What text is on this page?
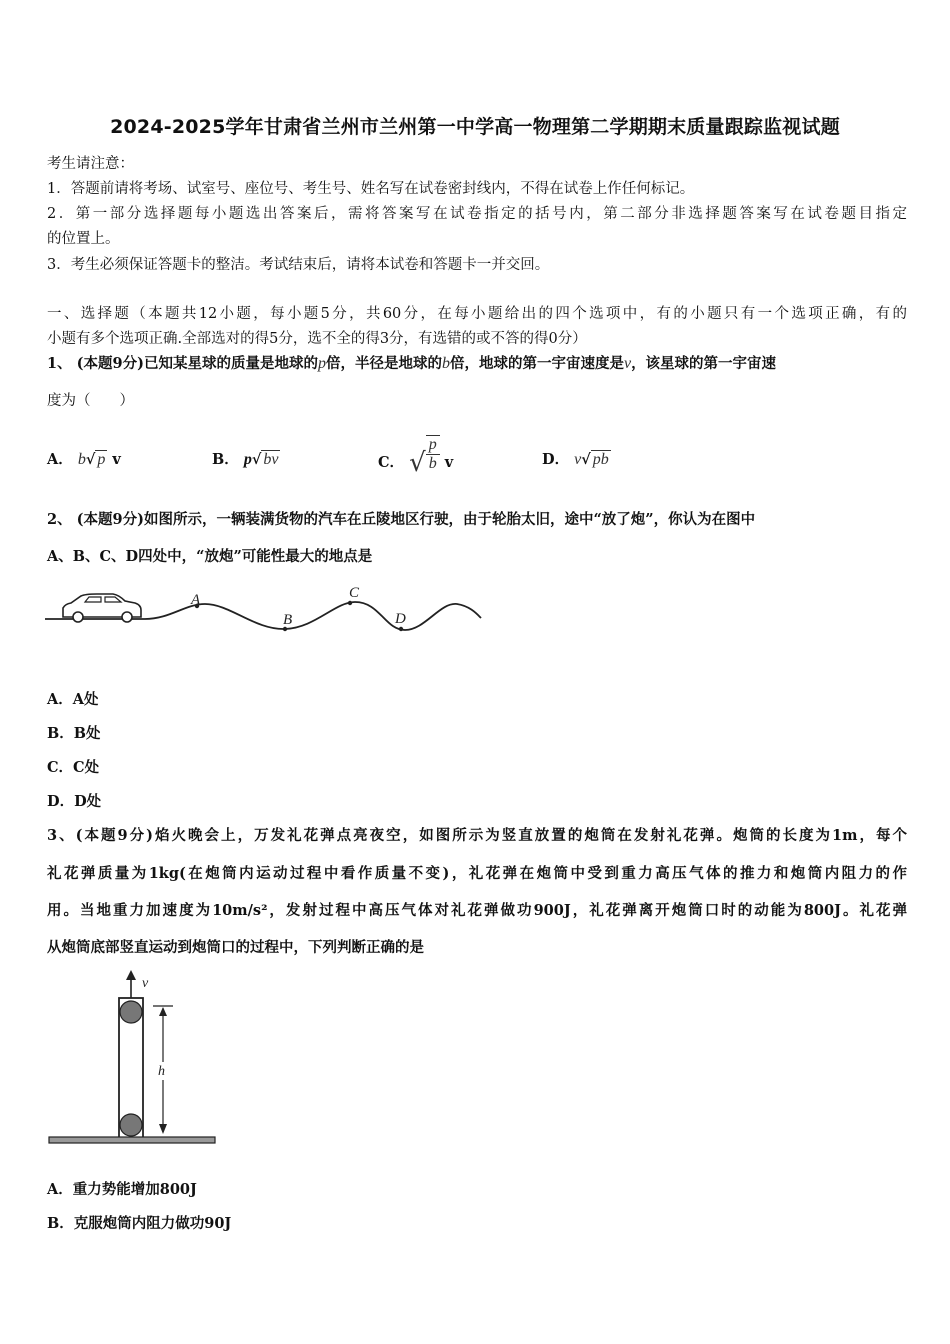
2024-2025学年甘肃省兰州市兰州第一中学高一物理第二学期期末质量跟踪监视试题
考生请注意：
1．答题前请将考场、试室号、座位号、考生号、姓名写在试卷密封线内，不得在试卷上作任何标记。
2．第一部分选择题每小题选出答案后，需将答案写在试卷指定的括号内，第二部分非选择题答案写在试卷题目指定
的位置上。
3．考生必须保证答题卡的整洁。考试结束后，请将本试卷和答题卡一并交回。
一、选择题（本题共12小题，每小题5分，共60分，在每小题给出的四个选项中，有的小题只有一个选项正确，有的
小题有多个选项正确.全部选对的得5分，选不全的得3分，有选错的或不答的得0分）
1、 (本题9分)已知某星球的质量是地球的p倍，半径是地球的b倍，地球的第一宇宙速度是v，该星球的第一宇宙速
度为（　　）
A． b√ p v	B． p√ bv	C． √ $\frac{p}{b}$ v	D． v√ pb
2、 (本题9分)如图所示，一辆装满货物的汽车在丘陵地区行驶，由于轮胎太旧，途中“放了炮”，你认为在图中
A、B、C、D四处中，“放炮”可能性最大的地点是
A
B
C
D
A．A处
B．B处
C．C处
D．D处
3、(本题9分)焰火晚会上，万发礼花弹点亮夜空，如图所示为竖直放置的炮筒在发射礼花弹。炮筒的长度为1m，每个
礼花弹质量为1kg(在炮筒内运动过程中看作质量不变)，礼花弹在炮筒中受到重力高压气体的推力和炮筒内阻力的作
用。当地重力加速度为10m/s²，发射过程中高压气体对礼花弹做功900J，礼花弹离开炮筒口时的动能为800J。礼花弹
从炮筒底部竖直运动到炮筒口的过程中，下列判断正确的是
v
h
A．重力势能增加800J
B．克服炮筒内阻力做功90J
